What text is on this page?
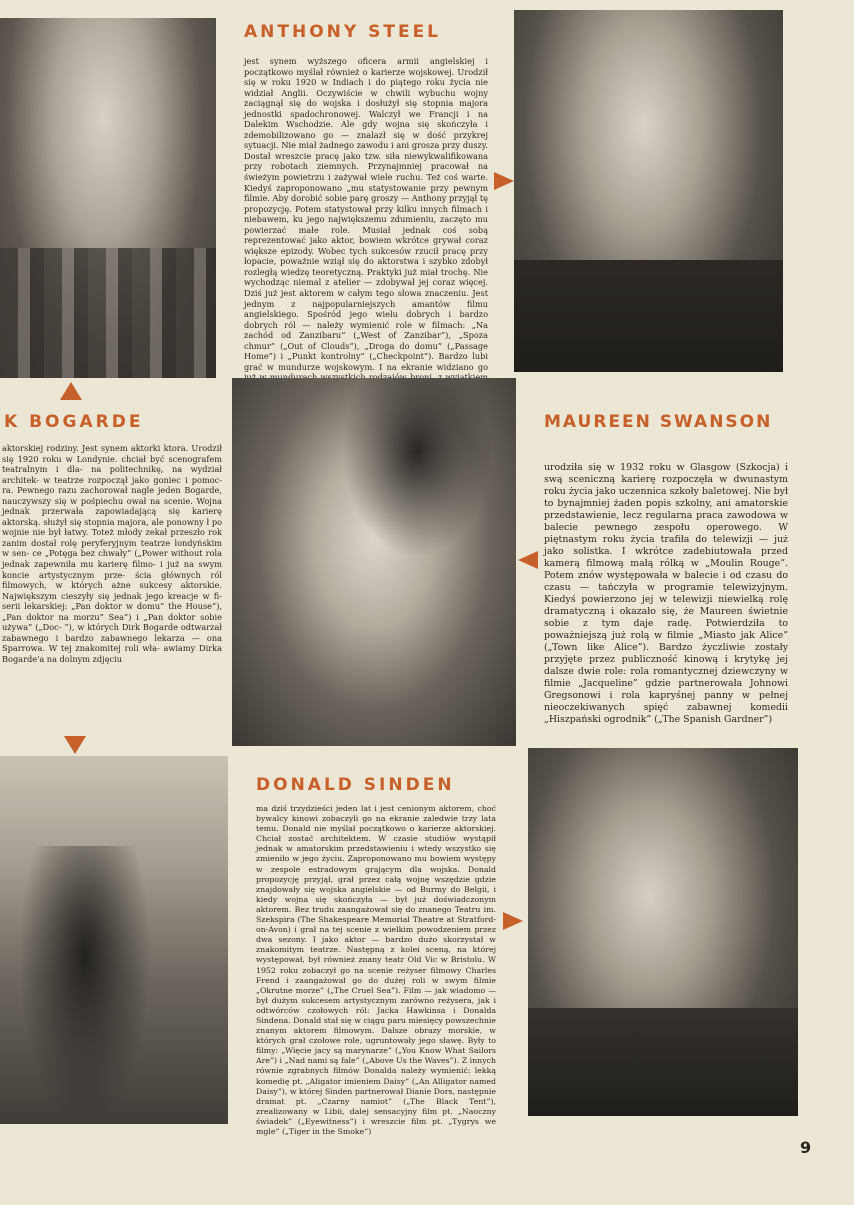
ANTHONY STEEL

jest synem wyższego oficera armii angielskiej i początkowo myślał również o karierze wojskowej. Urodził się w roku 1920 w Indiach i do piątego roku życia nie widział Anglii. Oczywiście w chwili wybuchu wojny zaciągnął się do wojska i dosłużył się stopnia majora jednostki spadochronowej. Walczył we Francji i na Dalekim Wschodzie. Ale gdy wojna się skończyła i zdemobilizowano go — znalazł się w dość przykrej sytuacji. Nie miał żadnego zawodu i ani grosza przy duszy. Dostał wreszcie pracę jako tzw. siła niewykwalifikowana przy robotach ziemnych. Przynajmniej pracował na świeżym powietrzu i zażywał wiele ruchu. Też coś warte. Kiedyś zaproponowano „mu statystowanie przy pewnym filmie. Aby dorobić sobie parę groszy — Anthony przyjął tę propozycję. Potem statystował przy kilku innych filmach i niebawem, ku jego największemu zdumieniu, zaczęto mu powierzać małe role. Musiał jednak coś sobą reprezentować jako aktor, bowiem wkrótce grywał coraz większe epizody. Wobec tych sukcesów rzucił pracę przy łopacie, poważnie wziął się do aktorstwa i szybko zdobył rozległą wiedzę teoretyczną. Praktyki już miał trochę. Nie wychodząc niemal z atelier — zdobywał jej coraz więcej. Dziś już jest aktorem w całym tego słowa znaczeniu. Jest jednym z najpopularniejszych amantów filmu angielskiego. Spośród jego wielu dobrych i bardzo dobrych ról — należy wymienić role w filmach: „Na zachód od Zanzibaru” („West of Zanzibar”), „Spoza chmur” („Out of Clouds”), „Droga do domu” („Passage Home”) i „Punkt kontrolny” („Checkpoint”). Bardzo lubi grać w mundurze wojskowym. I na ekranie widziano go

K BOGARDE

aktorskiej rodziny. Jest synem aktorki ktora. Urodził się 1920 roku w Londynie. chciał być scenografem teatralnym i dla- na politechnikę, na wydział architek- w teatrze rozpoczął jako goniec i pomoc- ra. Pewnego razu zachorował nagle jeden Bogarde, nauczywszy się w pośpiechu ował na scenie. Wojna jednak przerwała zapowiadającą się karierę aktorską. służył się stopnia majora, ale ponowny ł po wojnie nie był łatwy. Toteż młody zekał przeszło rok zanim dostał rolę peryferyjnym teatrze londyńskim w sen- ce „Potęga bez chwały” („Power without rola jednak zapewniła mu karierę filmo- i już na swym koncie artystycznym prze- ścia głównych ról filmowych, w których ażne sukcesy aktorskie. Największym cieszyły się jednak jego kreacje w fi- serii lekarskiej: „Pan doktor w domu” the House”), „Pan doktor na morzu” Sea”) i „Pan doktor sobie używa” („Doc- ”), w których Dirk Bogarde odtwarzał zabawnego i bardzo zabawnego lekarza — ona Sparrowa. W tej znakomitej roli wła- awiamy Dirka Bogarde'a na dolnym zdjęciu

MAUREEN SWANSON

urodziła się w 1932 roku w Glasgow (Szkocja) i swą sceniczną karierę rozpoczęła w dwunastym roku życia jako uczennica szkoły baletowej. Nie był to bynajmniej żaden popis szkolny, ani amatorskie przedstawienie, lecz regularna praca zawodowa w balecie pewnego zespołu operowego. W piętnastym roku życia trafiła do telewizji — już jako solistka. I wkrótce zadebiutowała przed kamerą filmową małą rólką w „Moulin Rouge”. Potem znów występowała w balecie i od czasu do czasu — tańczyła w programie telewizyjnym. Kiedyś powierzono jej w telewizji niewielką rolę dramatyczną i okazało się, że Maureen świetnie sobie z tym daje radę. Potwierdziła to poważniejszą już rolą w filmie „Miasto jak Alice” („Town like Alice”). Bardzo życzliwie zostały przyjęte przez publiczność kinową i krytykę jej dalsze dwie role: rola romantycznej dziewczyny w filmie „Jacqueline” gdzie partnerowała Johnowi Gregsonowi i rola kapryśnej panny w pełnej nieoczekiwanych spięć zabawnej komedii „Hiszpański ogrodnik” („The Spanish Gardner”)

DONALD SINDEN

ma dziś trzydzieści jeden lat i jest cenionym aktorem, choć bywalcy kinowi zobaczyli go na ekranie zaledwie trzy lata temu. Donald nie myślał początkowo o karierze aktorskiej. Chciał zostać architektem. W czasie studiów wystąpił jednak w amatorskim przedstawieniu i wtedy wszystko się zmieniło w jego życiu. Zaproponowano mu bowiem występy w zespole estradowym grającym dla wojska. Donald propozycję przyjął, grał przez całą wojnę wszędzie gdzie znajdowały się wojska angielskie — od Burmy do Belgii, i kiedy wojna się skończyła — był już doświadczonym aktorem. Bez trudu zaangażował się do znanego Teatru im. Szekspira (The Shakespeare Memorial Theatre at Stratford-on-Avon) i grał na tej scenie z wielkim powodzeniem przez dwa sezony. I jako aktor — bardzo dużo skorzystał w znakomitym teatrze. Następną z kolei sceną, na której występował, był również znany teatr Old Vic w Bristolu. W 1952 roku zobaczył go na scenie reżyser filmowy Charles Frend i zaangażował go do dużej roli w swym filmie „Okrutne morze” („The Cruel Sea”). Film — jak wiadomo — był dużym sukcesem artystycznym zarówno reżysera, jak i odtwórców czołowych ról: Jacka Hawkinsa i Donalda Sindena. Donald stał się w ciągu paru miesięcy powszechnie znanym aktorem filmowym. Dalsze obrazy morskie, w których grał czołowe role, ugruntowały jego sławę. Były to filmy: „Więcie jacy są marynarze” („You Know What Sailors Are”) i „Nad nami są fale” („Above Us the Waves”). Z innych równie zgrabnych filmów Donalda należy wymienić: lekką komedię pt. „Aligator imieniem Daisy” („An Alligator named Daisy”), w której Sinden partnerował Dianie Dors, następnie dramat pt. „Czarny namiot” („The Black Tent”), zrealizowany w Libii, dalej sensacyjny film pt. „Naoczny świadek” („Eyewitness”) i wreszcie film pt. „Tygrys we mgle” („Tiger in the Smoke”)

9
